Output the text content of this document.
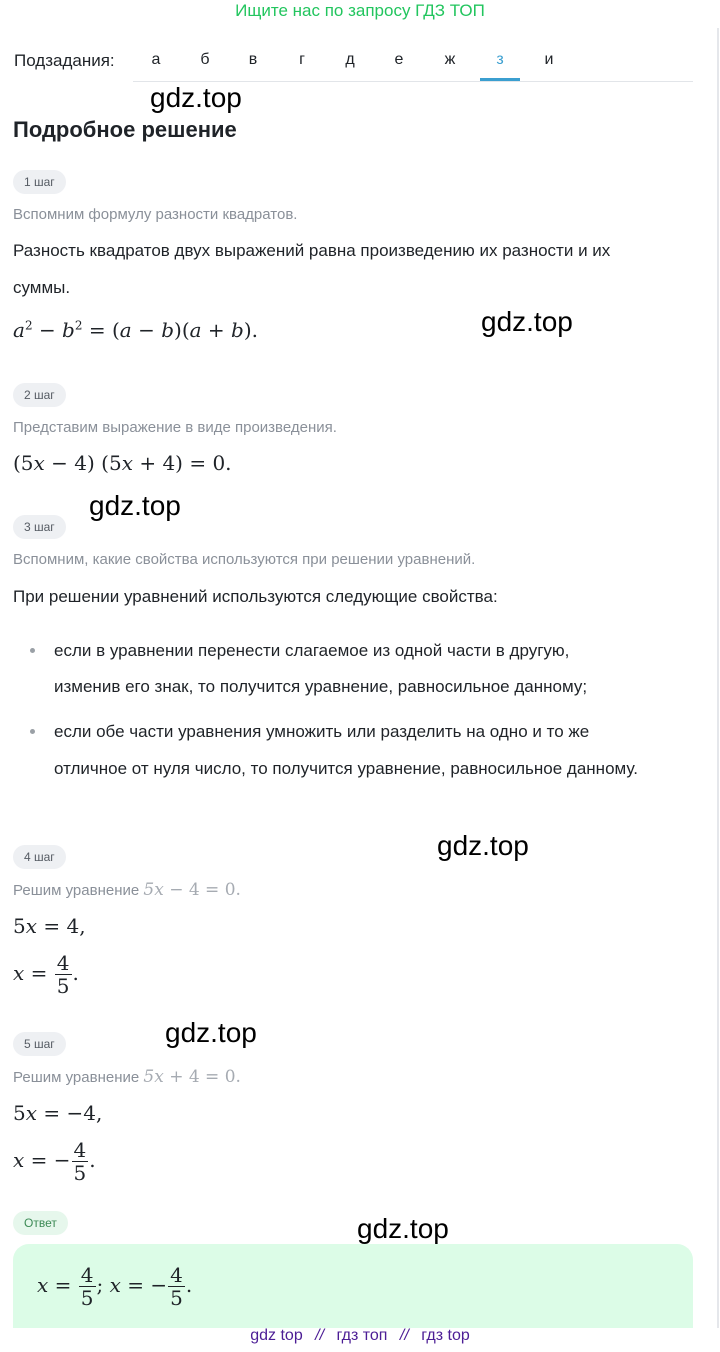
Ищите нас по запросу ГДЗ ТОП
Подзадания:	а	б	в	г	д	е	ж	з	и
gdz.top
gdz.top
gdz.top
gdz.top
gdz.top
gdz.top
Подробное решение
1 шаг
Вспомним формулу разности квадратов.
Разность квадратов двух выражений равна произведению их разности и их
суммы.
$a^2 - b^2 = (a - b)(a + b)$.
2 шаг
Представим выражение в виде произведения.
(5x − 4) (5x + 4) = 0.
3 шаг
Вспомним, какие свойства используются при решении уравнений.
При решении уравнений используются следующие свойства:
если в уравнении перенести слагаемое из одной части в другую,
изменив его знак, то получится уравнение, равносильное данному;
если обе части уравнения умножить или разделить на одно и то же
отличное от нуля число, то получится уравнение, равносильное данному.
4 шаг
Решим уравнение 5x − 4 = 0.
5x = 4,
$x = \frac{4}{5}$ .
5 шаг
Решим уравнение 5x + 4 = 0.
5x = −4,
x = − $\frac{4}{5}$ .
Ответ
$x = \frac{4}{5}$ ; x = − $\frac{4}{5}$ .
gdz top // гдз топ // гдз top
